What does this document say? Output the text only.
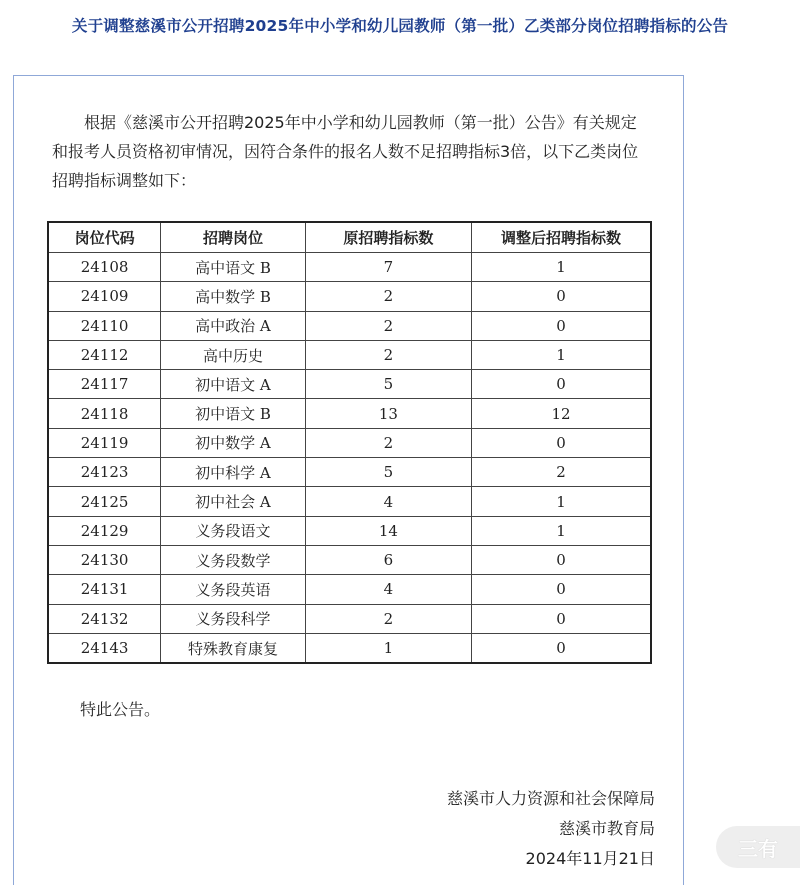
关于调整慈溪市公开招聘2025年中小学和幼儿园教师（第一批）乙类部分岗位招聘指标的公告
根据《慈溪市公开招聘2025年中小学和幼儿园教师（第一批）公告》有关规定和报考人员资格初审情况，因符合条件的报名人数不足招聘指标3倍，以下乙类岗位招聘指标调整如下：
岗位代码	招聘岗位	原招聘指标数	调整后招聘指标数
24108	高中语文 B	7	1
24109	高中数学 B	2	0
24110	高中政治 A	2	0
24112	高中历史	2	1
24117	初中语文 A	5	0
24118	初中语文 B	13	12
24119	初中数学 A	2	0
24123	初中科学 A	5	2
24125	初中社会 A	4	1
24129	义务段语文	14	1
24130	义务段数学	6	0
24131	义务段英语	4	0
24132	义务段科学	2	0
24143	特殊教育康复	1	0
特此公告。
慈溪市人力资源和社会保障局
慈溪市教育局
2024年11月21日	三有
